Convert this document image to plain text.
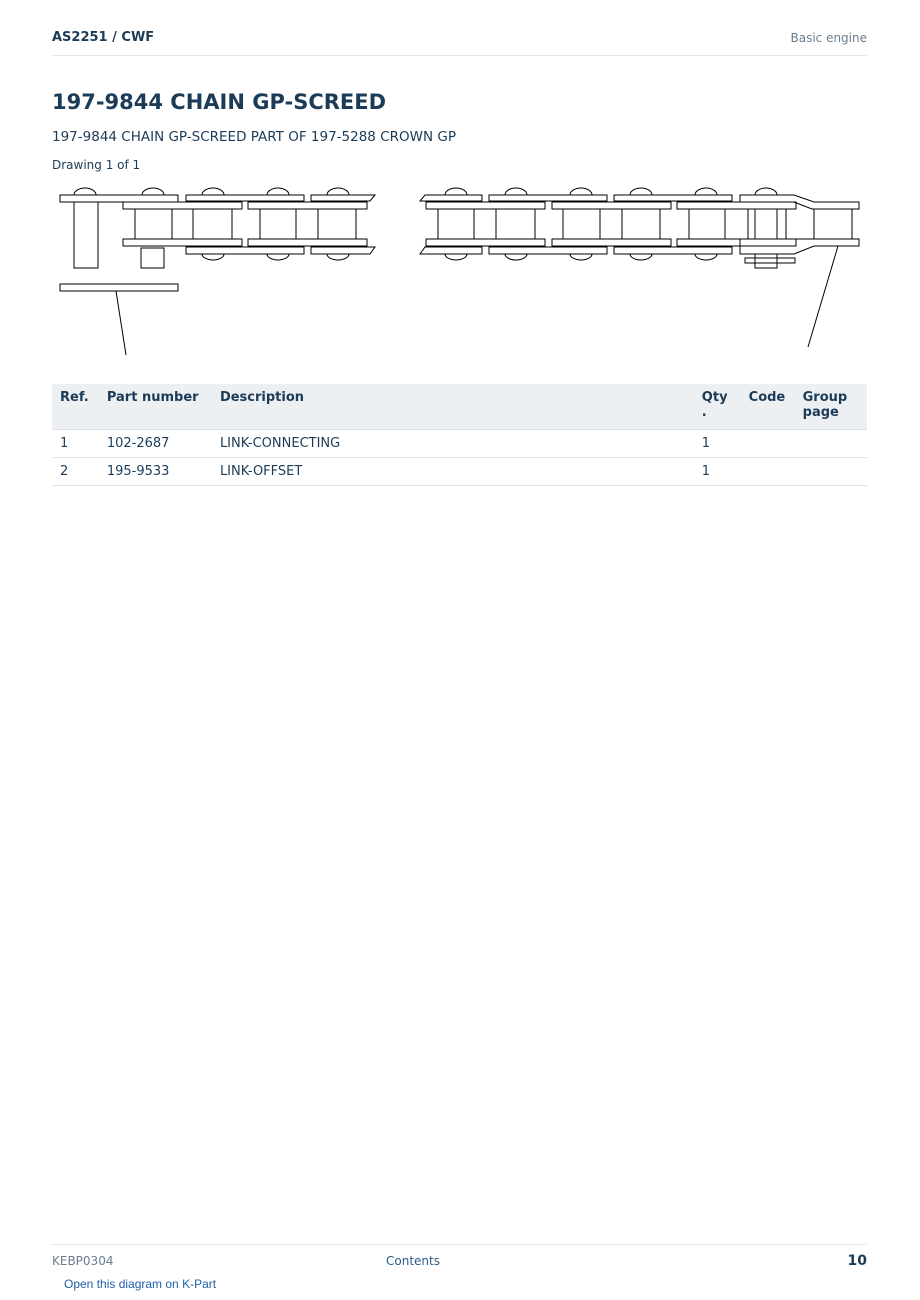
AS2251 / CWF	Basic engine
197-9844 CHAIN GP-SCREED
197-9844 CHAIN GP-SCREED PART OF 197-5288 CROWN GP
Drawing 1 of 1
Ref.	Part number	Description	Qty .	Code	Group page
1	102-2687	LINK-CONNECTING	1		
2	195-9533	LINK-OFFSET	1		
KEBP0304	Contents	10
Open this diagram on K-Part
